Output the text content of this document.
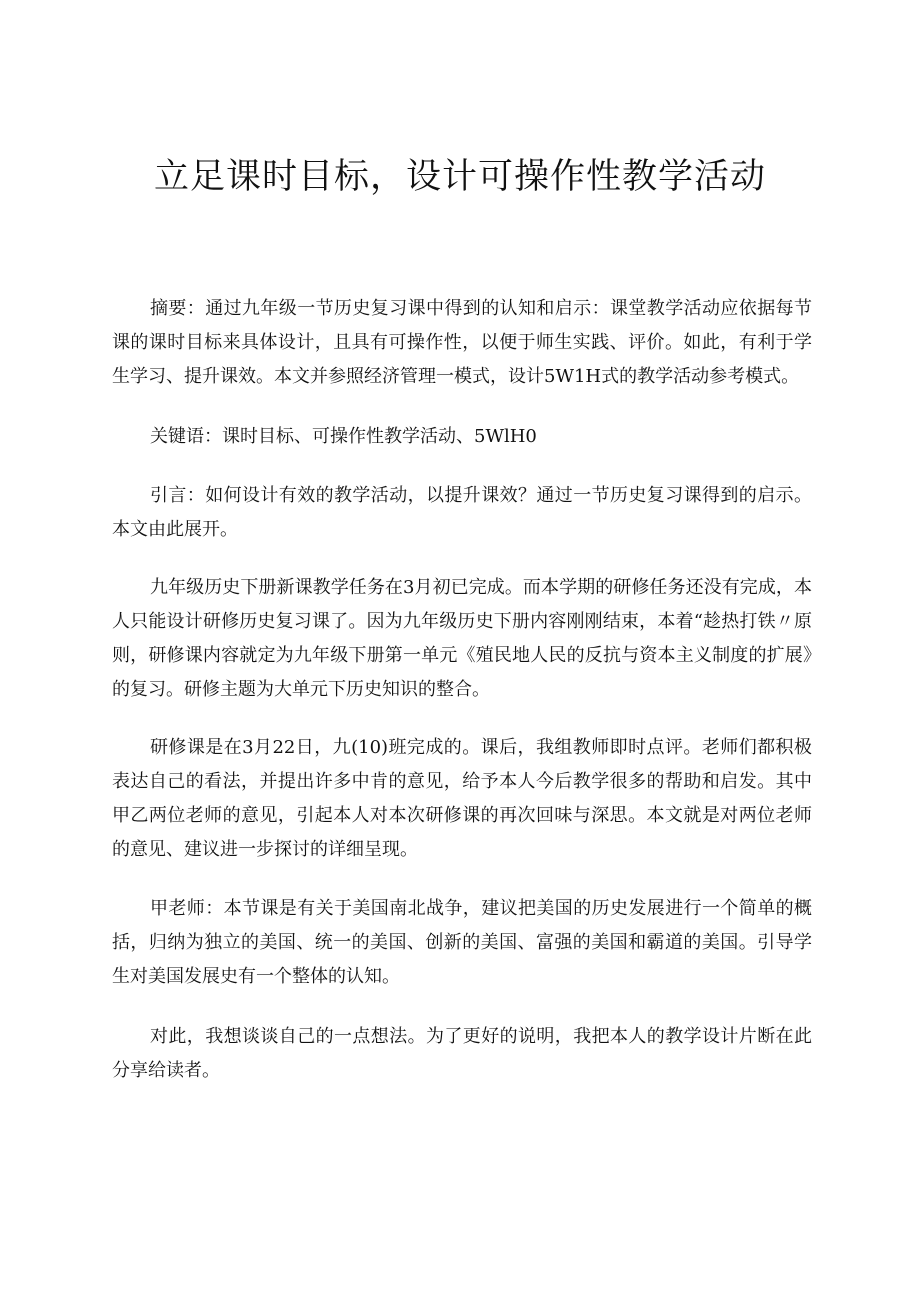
立足课时目标，设计可操作性教学活动

摘要：通过九年级一节历史复习课中得到的认知和启示：课堂教学活动应依据每节课的课时目标来具体设计，且具有可操作性，以便于师生实践、评价。如此，有利于学生学习、提升课效。本文并参照经济管理一模式，设计5W1H式的教学活动参考模式。

关键语：课时目标、可操作性教学活动、5WlH0

引言：如何设计有效的教学活动，以提升课效？通过一节历史复习课得到的启示。本文由此展开。

九年级历史下册新课教学任务在3月初已完成。而本学期的研修任务还没有完成，本人只能设计研修历史复习课了。因为九年级历史下册内容刚刚结束，本着“趁热打铁〃原则，研修课内容就定为九年级下册第一单元《殖民地人民的反抗与资本主义制度的扩展》的复习。研修主题为大单元下历史知识的整合。

研修课是在3月22日，九(10)班完成的。课后，我组教师即时点评。老师们都积极表达自己的看法，并提出许多中肯的意见，给予本人今后教学很多的帮助和启发。其中甲乙两位老师的意见，引起本人对本次研修课的再次回味与深思。本文就是对两位老师的意见、建议进一步探讨的详细呈现。

甲老师：本节课是有关于美国南北战争，建议把美国的历史发展进行一个简单的概括，归纳为独立的美国、统一的美国、创新的美国、富强的美国和霸道的美国。引导学生对美国发展史有一个整体的认知。

对此，我想谈谈自己的一点想法。为了更好的说明，我把本人的教学设计片断在此分享给读者。
